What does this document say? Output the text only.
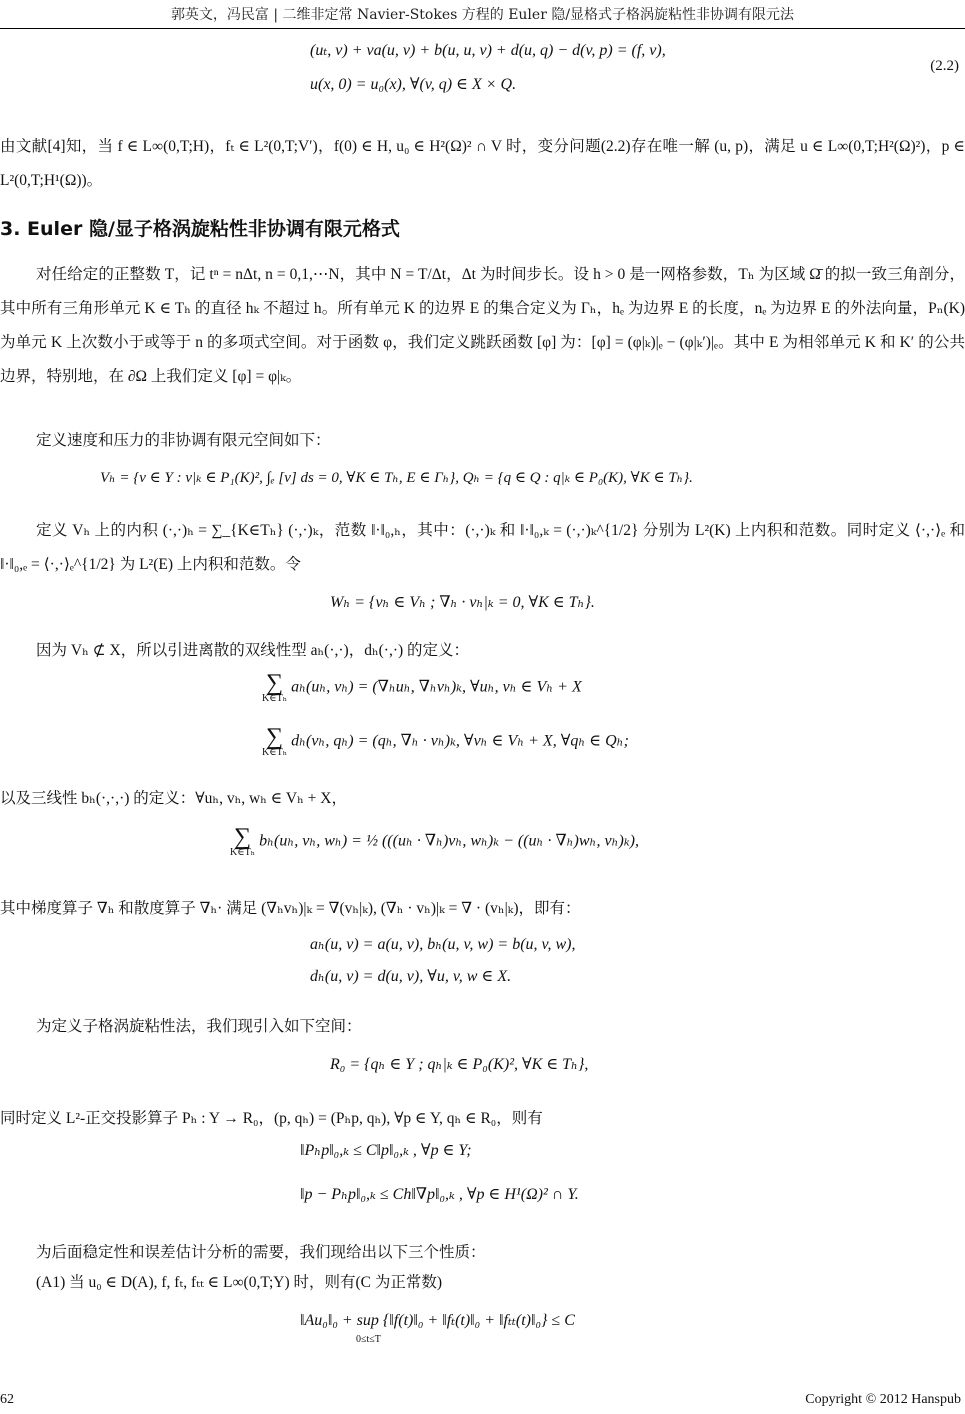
郭英文，冯民富 | 二维非定常 Navier-Stokes 方程的 Euler 隐/显格式子格涡旋粘性非协调有限元法
(uₜ, v) + νa(u, v) + b(u, u, v) + d(u, q) − d(v, p) = (f, v),
u(x, 0) = u₀(x), ∀(v, q) ∈ X × Q.
(2.2)

由文献[4]知，当 f ∈ L∞(0,T;H)，fₜ ∈ L²(0,T;V′)，f(0) ∈ H, u₀ ∈ H²(Ω)² ∩ V 时，变分问题(2.2)存在唯一解 (u, p)，满足 u ∈ L∞(0,T;H²(Ω)²)，p ∈ L²(0,T;H¹(Ω))。

3. Euler 隐/显子格涡旋粘性非协调有限元格式

对任给定的正整数 T，记 tⁿ = nΔt, n = 0,1,⋯N，其中 N = T/Δt，Δt 为时间步长。设 h > 0 是一网格参数，Tₕ 为区域 Ω̄ 的拟一致三角剖分，其中所有三角形单元 K ∈ Tₕ 的直径 hₖ 不超过 h。所有单元 K 的边界 E 的集合定义为 Γₕ，hₑ 为边界 E 的长度，nₑ 为边界 E 的外法向量，Pₙ(K) 为单元 K 上次数小于或等于 n 的多项式空间。对于函数 φ，我们定义跳跃函数 [φ] 为：[φ] = (φ|ₖ)|ₑ − (φ|ₖ′)|ₑ。其中 E 为相邻单元 K 和 K′ 的公共边界，特别地，在 ∂Ω 上我们定义 [φ] = φ|ₖ。

定义速度和压力的非协调有限元空间如下：

Vₕ = {v ∈ Y : v|ₖ ∈ P₁(K)², ∫ₑ [v] ds = 0, ∀K ∈ Tₕ, E ∈ Γₕ}, Qₕ = {q ∈ Q : q|ₖ ∈ P₀(K), ∀K ∈ Tₕ}.

定义 Vₕ 上的内积 (·,·)ₕ = ∑_{K∈Tₕ} (·,·)ₖ，范数 ‖·‖₀,ₕ，其中：(·,·)ₖ 和 ‖·‖₀,ₖ = (·,·)ₖ^{1/2} 分别为 L²(K) 上内积和范数。同时定义 ⟨·,·⟩ₑ 和 ‖·‖₀,ₑ = ⟨·,·⟩ₑ^{1/2} 为 L²(E) 上内积和范数。令

Wₕ = {vₕ ∈ Vₕ ; ∇ₕ · vₕ|ₖ = 0, ∀K ∈ Tₕ}.

因为 Vₕ ⊄ X，所以引进离散的双线性型 aₕ(·,·)，dₕ(·,·) 的定义：

∑
K∈Tₕ
aₕ(uₕ, vₕ) = (∇ₕuₕ, ∇ₕvₕ)ₖ, ∀uₕ, vₕ ∈ Vₕ + X
∑
K∈Tₕ
dₕ(vₕ, qₕ) = (qₕ, ∇ₕ · vₕ)ₖ, ∀vₕ ∈ Vₕ + X, ∀qₕ ∈ Qₕ;

以及三线性 bₕ(·,·,·) 的定义：∀uₕ, vₕ, wₕ ∈ Vₕ + X，

∑
K∈Tₕ
bₕ(uₕ, vₕ, wₕ) = ½ (((uₕ · ∇ₕ)vₕ, wₕ)ₖ − ((uₕ · ∇ₕ)wₕ, vₕ)ₖ),

其中梯度算子 ∇ₕ 和散度算子 ∇ₕ· 满足 (∇ₕvₕ)|ₖ = ∇(vₕ|ₖ), (∇ₕ · vₕ)|ₖ = ∇ · (vₕ|ₖ)，即有：

aₕ(u, v) = a(u, v), bₕ(u, v, w) = b(u, v, w),
dₕ(u, v) = d(u, v), ∀u, v, w ∈ X.

为定义子格涡旋粘性法，我们现引入如下空间：

R₀ = {qₕ ∈ Y ; qₕ|ₖ ∈ P₀(K)², ∀K ∈ Tₕ},

同时定义 L²-正交投影算子 Pₕ : Y → R₀，(p, qₕ) = (Pₕp, qₕ), ∀p ∈ Y, qₕ ∈ R₀，则有

‖Pₕp‖₀,ₖ ≤ C‖p‖₀,ₖ , ∀p ∈ Y;
‖p − Pₕp‖₀,ₖ ≤ Ch‖∇p‖₀,ₖ , ∀p ∈ H¹(Ω)² ∩ Y.

为后面稳定性和误差估计分析的需要，我们现给出以下三个性质：

(A1) 当 u₀ ∈ D(A), f, fₜ, fₜₜ ∈ L∞(0,T;Y) 时，则有(C 为正常数)

‖Au₀‖₀ + sup {‖f(t)‖₀ + ‖fₜ(t)‖₀ + ‖fₜₜ(t)‖₀} ≤ C
0≤t≤T
62	Copyright © 2012 Hanspub
